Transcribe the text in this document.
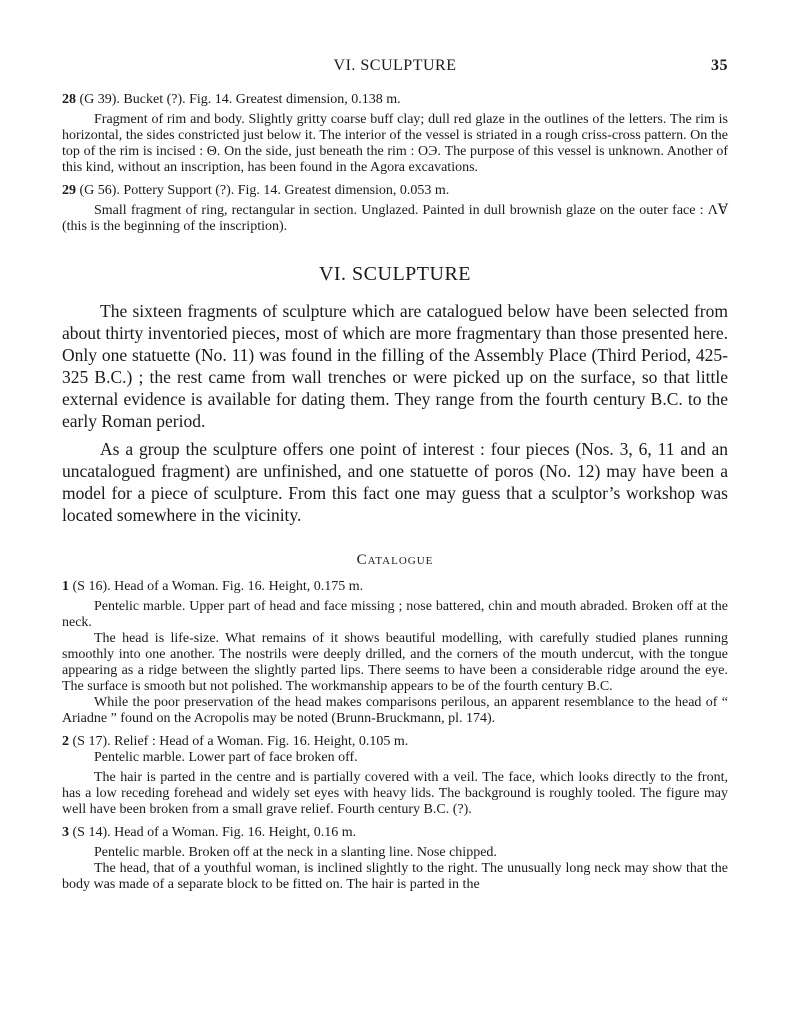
VI. SCULPTURE	35

28 (G 39). Bucket (?). Fig. 14. Greatest dimension, 0.138 m.

Fragment of rim and body. Slightly gritty coarse buff clay; dull red glaze in the outlines of the letters. The rim is horizontal, the sides constricted just below it. The interior of the vessel is striated in a rough criss-cross pattern. On the top of the rim is incised : Θ. On the side, just beneath the rim : OЭ. The purpose of this vessel is unknown. Another of this kind, without an inscription, has been found in the Agora excavations.

29 (G 56). Pottery Support (?). Fig. 14. Greatest dimension, 0.053 m.

Small fragment of ring, rectangular in section. Unglazed. Painted in dull brownish glaze on the outer face : ΛⱯ (this is the beginning of the inscription).

VI. SCULPTURE

The sixteen fragments of sculpture which are catalogued below have been selected from about thirty inventoried pieces, most of which are more fragmentary than those presented here. Only one statuette (No. 11) was found in the filling of the Assembly Place (Third Period, 425-325 B.C.) ; the rest came from wall trenches or were picked up on the surface, so that little external evidence is available for dating them. They range from the fourth century B.C. to the early Roman period.

As a group the sculpture offers one point of interest : four pieces (Nos. 3, 6, 11 and an uncatalogued fragment) are unfinished, and one statuette of poros (No. 12) may have been a model for a piece of sculpture. From this fact one may guess that a sculptor’s workshop was located somewhere in the vicinity.

Catalogue

1 (S 16). Head of a Woman. Fig. 16. Height, 0.175 m.

Pentelic marble. Upper part of head and face missing ; nose battered, chin and mouth abraded. Broken off at the neck.

The head is life-size. What remains of it shows beautiful modelling, with carefully studied planes running smoothly into one another. The nostrils were deeply drilled, and the corners of the mouth undercut, with the tongue appearing as a ridge between the slightly parted lips. There seems to have been a considerable ridge around the eye. The surface is smooth but not polished. The workmanship appears to be of the fourth century B.C.

While the poor preservation of the head makes comparisons perilous, an apparent resemblance to the head of “ Ariadne ” found on the Acropolis may be noted (Brunn-Bruckmann, pl. 174).

2 (S 17). Relief : Head of a Woman. Fig. 16. Height, 0.105 m.

Pentelic marble. Lower part of face broken off.

The hair is parted in the centre and is partially covered with a veil. The face, which looks directly to the front, has a low receding forehead and widely set eyes with heavy lids. The background is roughly tooled. The figure may well have been broken from a small grave relief. Fourth century B.C. (?).

3 (S 14). Head of a Woman. Fig. 16. Height, 0.16 m.

Pentelic marble. Broken off at the neck in a slanting line. Nose chipped.

The head, that of a youthful woman, is inclined slightly to the right. The unusually long neck may show that the body was made of a separate block to be fitted on. The hair is parted in the
